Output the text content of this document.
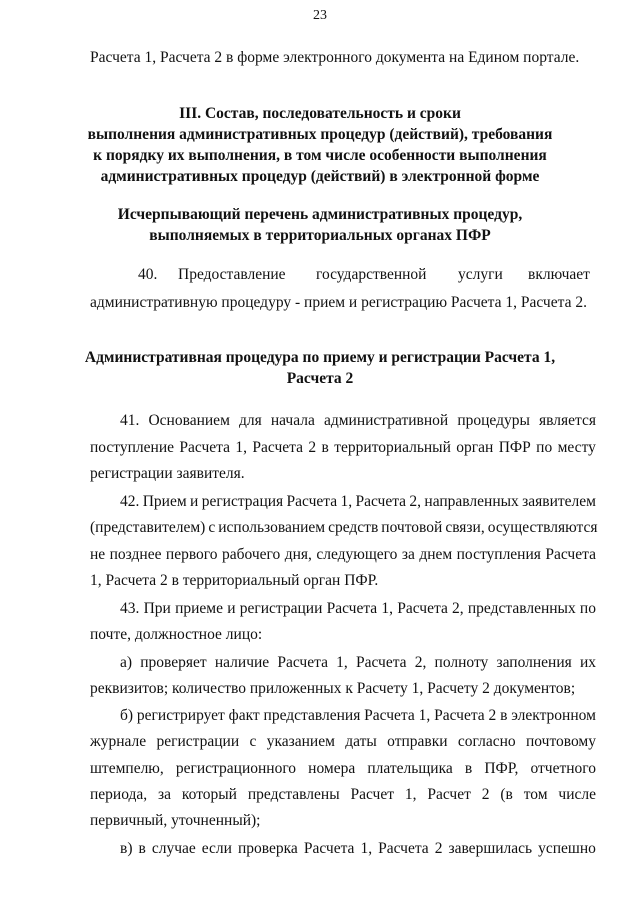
23
Расчета 1, Расчета 2 в форме электронного документа на Едином портале.
III. Состав, последовательность и сроки
выполнения административных процедур (действий), требования
к порядку их выполнения, в том числе особенности выполнения
административных процедур (действий) в электронной форме
Исчерпывающий перечень административных процедур,
выполняемых в территориальных органах ПФР
40. Предоставление государственной услуги включает
административную процедуру - прием и регистрацию Расчета 1, Расчета 2.
Административная процедура по приему и регистрации Расчета 1,
Расчета 2
41. Основанием для начала административной процедуры является
поступление Расчета 1, Расчета 2 в территориальный орган ПФР по месту
регистрации заявителя.
42. Прием и регистрация Расчета 1, Расчета 2, направленных заявителем
(представителем) с использованием средств почтовой связи, осуществляются
не позднее первого рабочего дня, следующего за днем поступления Расчета
1, Расчета 2 в территориальный орган ПФР.
43. При приеме и регистрации Расчета 1, Расчета 2, представленных по
почте, должностное лицо:
а) проверяет наличие Расчета 1, Расчета 2, полноту заполнения их
реквизитов; количество приложенных к Расчету 1, Расчету 2 документов;
б) регистрирует факт представления Расчета 1, Расчета 2 в электронном
журнале регистрации с указанием даты отправки согласно почтовому
штемпелю, регистрационного номера плательщика в ПФР, отчетного
периода, за который представлены Расчет 1, Расчет 2 (в том числе
первичный, уточненный);
в) в случае если проверка Расчета 1, Расчета 2 завершилась успешно
